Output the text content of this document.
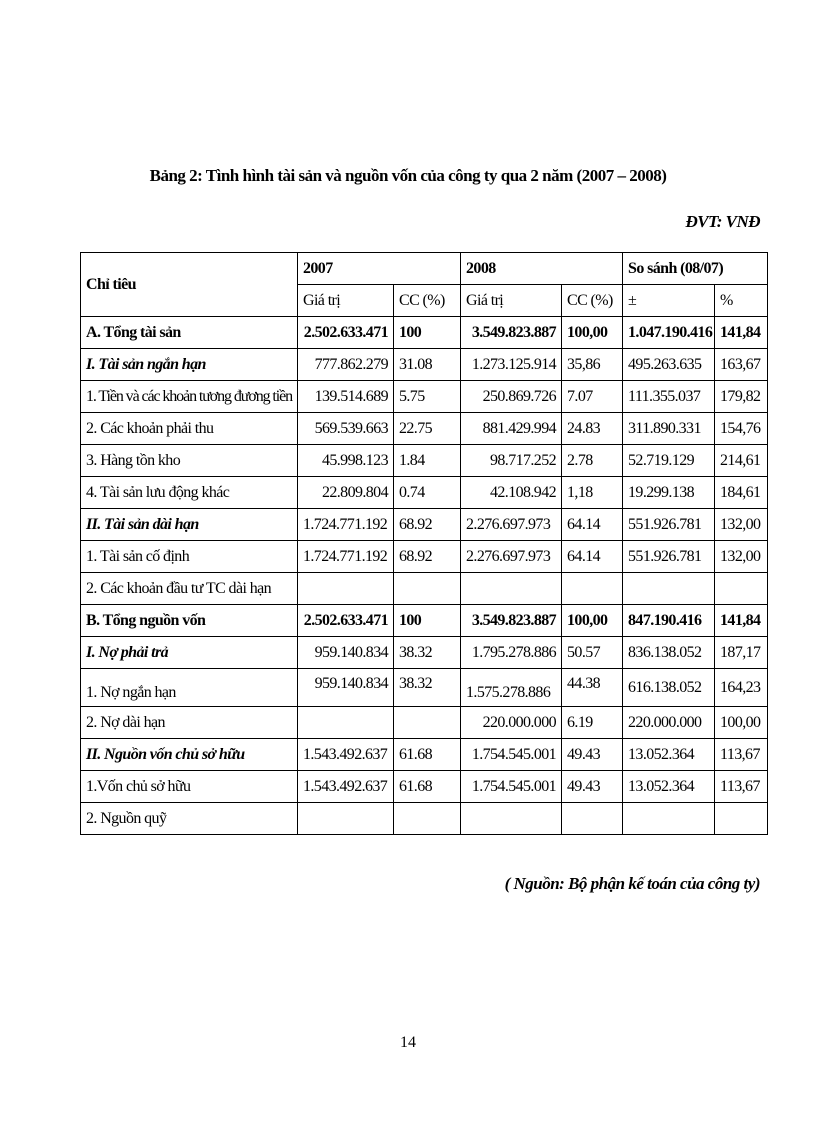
Bảng 2: Tình hình tài sản và nguồn vốn của công ty qua 2 năm (2007 – 2008)
ĐVT: VNĐ
Chỉ tiêu	2007		2008		So sánh (08/07)	
	Giá trị	CC (%)	Giá trị	CC (%)	±	%
A. Tổng tài sản	2.502.633.471	100	3.549.823.887	100,00	1.047.190.416	141,84
I. Tài sản ngắn hạn	777.862.279	31.08	1.273.125.914	35,86	495.263.635	163,67
1. Tiền và các khoản tương đương tiền	139.514.689	5.75	250.869.726	7.07	111.355.037	179,82
2. Các khoản phải thu	569.539.663	22.75	881.429.994	24.83	311.890.331	154,76
3. Hàng tồn kho	45.998.123	1.84	98.717.252	2.78	52.719.129	214,61
4. Tài sản lưu động khác	22.809.804	0.74	42.108.942	1,18	19.299.138	184,61
II. Tài sản dài hạn	1.724.771.192	68.92	2.276.697.973	64.14	551.926.781	132,00
1. Tài sản cố định	1.724.771.192	68.92	2.276.697.973	64.14	551.926.781	132,00
2. Các khoản đầu tư TC dài hạn						
B. Tổng nguồn vốn	2.502.633.471	100	3.549.823.887	100,00	847.190.416	141,84
I. Nợ phải trả	959.140.834	38.32	1.795.278.886	50.57	836.138.052	187,17
1. Nợ ngắn hạn	959.140.834	38.32	1.575.278.886	44.38	616.138.052	164,23
2. Nợ dài hạn			220.000.000	6.19	220.000.000	100,00
II. Nguồn vốn chủ sở hữu	1.543.492.637	61.68	1.754.545.001	49.43	13.052.364	113,67
1.Vốn chủ sở hữu	1.543.492.637	61.68	1.754.545.001	49.43	13.052.364	113,67
2. Nguồn quỹ						
( Nguồn: Bộ phận kế toán của công ty)
14
